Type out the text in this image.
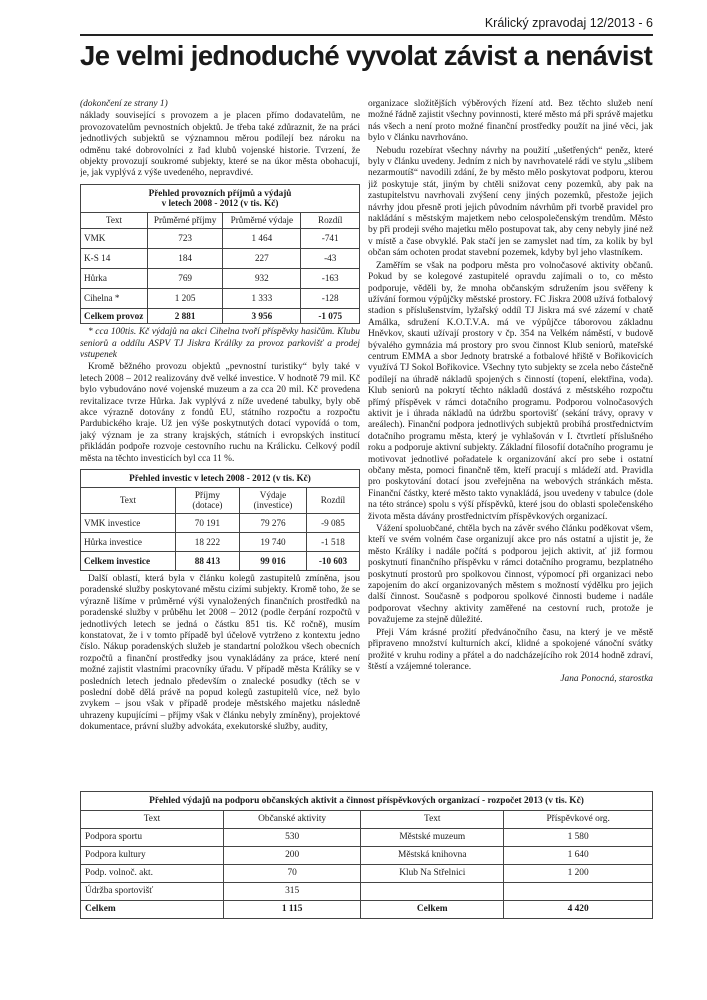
Králický zpravodaj 12/2013 - 6
Je velmi jednoduché vyvolat závist a nenávist

(dokončení ze strany 1)

náklady související s provozem a je placen přímo dodavatelům, ne provozovatelům pevnostních objektů. Je třeba také zdůraznit, že na práci jednotlivých subjektů se významnou měrou podílejí bez nároku na odměnu také dobrovolníci z řad klubů vojenské historie. Tvrzení, že objekty provozují soukromé subjekty, které se na úkor města obohacují, je, jak vyplývá z výše uvedeného, nepravdivé.

Přehled provozních příjmů a výdajů
v letech 2008 - 2012 (v tis. Kč)			
Text	Průměrné příjmy	Průměrné výdaje	Rozdíl
VMK	723	1 464	-741
K-S 14	184	227	-43
Hůrka	769	932	-163
Cihelna *	1 205	1 333	-128
Celkem provoz	2 881	3 956	-1 075

* cca 100tis. Kč výdajů na akci Cihelna tvoří příspěvky hasičům. Klubu seniorů a oddílu ASPV TJ Jiskra Králíky za provoz parkovišť a prodej vstupenek

Kromě běžného provozu objektů „pevnostní turistiky“ byly také v letech 2008 – 2012 realizovány dvě velké investice. V hodnotě 79 mil. Kč bylo vybudováno nové vojenské muzeum a za cca 20 mil. Kč provedena revitalizace tvrze Hůrka. Jak vyplývá z níže uvedené tabulky, byly obě akce výrazně dotovány z fondů EU, státního rozpočtu a rozpočtu Pardubického kraje. Už jen výše poskytnutých dotací vypovídá o tom, jaký význam je za strany krajských, státních i evropských institucí přikládán podpoře rozvoje cestovního ruchu na Králicku. Celkový podíl města na těchto investicích byl cca 11 %.

Přehled investic v letech 2008 - 2012 (v tis. Kč)			
Text	Příjmy (dotace)	Výdaje (investice)	Rozdíl
VMK investice	70 191	79 276	-9 085
Hůrka investice	18 222	19 740	-1 518
Celkem investice	88 413	99 016	-10 603

Další oblastí, která byla v článku kolegů zastupitelů zmíněna, jsou poradenské služby poskytované městu cizími subjekty. Kromě toho, že se výrazně lišíme v průměrné výši vynaložených finančních prostředků na poradenské služby v průběhu let 2008 – 2012 (podle čerpání rozpočtů v jednotlivých letech se jedná o částku 851 tis. Kč ročně), musím konstatovat, že i v tomto případě byl účelově vytrženo z kontextu jedno číslo. Nákup poradenských služeb je standartní položkou všech obecních rozpočtů a finanční prostředky jsou vynakládány za práce, které není možné zajistit vlastními pracovníky úřadu. V případě města Králíky se v posledních letech jednalo především o znalecké posudky (těch se v poslední době dělá právě na popud kolegů zastupitelů více, než bylo zvykem – jsou však v případě prodeje městského majetku následně uhrazeny kupujícími – příjmy však v článku nebyly zmíněny), projektové dokumentace, právní služby advokáta, exekutorské služby, audity,

organizace složitějších výběrových řízení atd. Bez těchto služeb není možné řádně zajistit všechny povinnosti, které město má při správě majetku nás všech a není proto možné finanční prostředky použít na jiné věci, jak bylo v článku navrhováno.

Nebudu rozebírat všechny návrhy na použití „ušetřených“ peněz, které byly v článku uvedeny. Jedním z nich by navrhovatelé rádi ve stylu „slibem nezarmoutíš“ navodili zdání, že by město mělo poskytovat podporu, kterou již poskytuje stát, jiným by chtěli snižovat ceny pozemků, aby pak na zastupitelstvu navrhovali zvýšení ceny jiných pozemků, přestože jejich návrhy jdou přesně proti jejich původním návrhům při tvorbě pravidel pro nakládání s městským majetkem nebo celospolečenským trendům. Město by při prodeji svého majetku mělo postupovat tak, aby ceny nebyly jiné než v místě a čase obvyklé. Pak stačí jen se zamyslet nad tím, za kolik by byl občan sám ochoten prodat stavební pozemek, kdyby byl jeho vlastníkem.

Zaměřím se však na podporu města pro volnočasové aktivity občanů. Pokud by se kolegové zastupitelé opravdu zajímali o to, co město podporuje, věděli by, že mnoha občanským sdružením jsou svěřeny k užívání formou výpůjčky městské prostory. FC Jiskra 2008 užívá fotbalový stadion s příslušenstvím, lyžařský oddíl TJ Jiskra má své zázemí v chatě Amálka, sdružení K.O.T.V.A. má ve výpůjčce táborovou základnu Hněvkov, skauti užívají prostory v čp. 354 na Velkém náměstí, v budově bývalého gymnázia má prostory pro svou činnost Klub seniorů, mateřské centrum EMMA a sbor Jednoty bratrské a fotbalové hřiště v Bořikovicích využívá TJ Sokol Bořikovice. Všechny tyto subjekty se zcela nebo částečně podílejí na úhradě nákladů spojených s činností (topení, elektřina, voda). Klub seniorů na pokrytí těchto nákladů dostává z městského rozpočtu přímý příspěvek v rámci dotačního programu. Podporou volnočasových aktivit je i úhrada nákladů na údržbu sportovišť (sekání trávy, opravy v areálech). Finanční podpora jednotlivých subjektů probíhá prostřednictvím dotačního programu města, který je vyhlašován v I. čtvrtletí příslušného roku a podporuje aktivní subjekty. Základní filosofií dotačního programu je motivovat jednotlivé pořadatele k organizování akcí pro sebe i ostatní občany města, pomoci finančně těm, kteří pracují s mládeží atd. Pravidla pro poskytování dotací jsou zveřejněna na webových stránkách města. Finanční částky, které město takto vynakládá, jsou uvedeny v tabulce (dole na této stránce) spolu s výší příspěvků, které jsou do oblasti společenského života města dávány prostřednictvím příspěvkových organizací.

Vážení spoluobčané, chtěla bych na závěr svého článku poděkovat všem, kteří ve svém volném čase organizují akce pro nás ostatní a ujistit je, že město Králíky i nadále počítá s podporou jejich aktivit, ať již formou poskytnutí finančního příspěvku v rámci dotačního programu, bezplatného poskytnutí prostorů pro spolkovou činnost, výpomocí při organizaci nebo zapojením do akcí organizovaných městem s možností výdělku pro jejich další činnost. Současně s podporou spolkové činnosti budeme i nadále podporovat všechny aktivity zaměřené na cestovní ruch, protože je považujeme za stejně důležité.

Přeji Vám krásné prožití předvánočního času, na který je ve městě připraveno množství kulturních akcí, klidné a spokojené vánoční svátky prožité v kruhu rodiny a přátel a do nadcházejícího rok 2014 hodně zdraví, štěstí a vzájemné tolerance.

Jana Ponocná, starostka

Přehled výdajů na podporu občanských aktivit a činnost příspěvkových organizací - rozpočet 2013 (v tis. Kč)			
Text	Občanské aktivity	Text	Příspěvkové org.
Podpora sportu	530	Městské muzeum	1 580
Podpora kultury	200	Městská knihovna	1 640
Podp. volnoč. akt.	70	Klub Na Střelnici	1 200
Údržba sportovišť	315		
Celkem	1 115	Celkem	4 420
